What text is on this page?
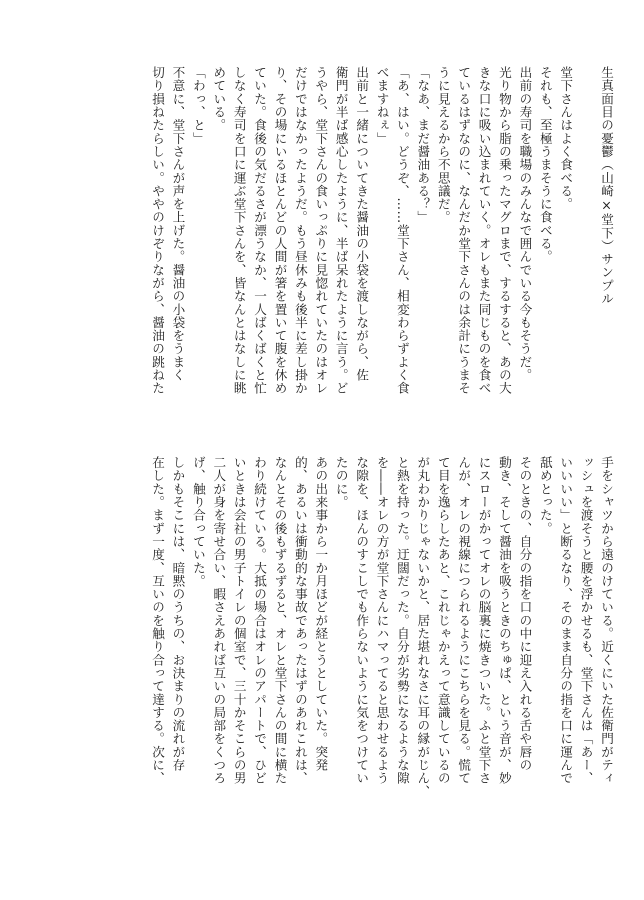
生真面目の憂鬱（山崎×堂下）サンプル

堂下さんはよく食べる。
それも、至極うまそうに食べる。
出前の寿司を職場のみんなで囲んでいる今もそうだ。
光り物から脂の乗ったマグロまで、するすると、あの大
きな口に吸い込まれていく。オレもまた同じものを食べ
ているはずなのに、なんだか堂下さんのは余計にうまそ
うに見えるから不思議だ。
「なあ、まだ醤油ある？」
「あ、はい。どうぞ、……堂下さん、相変わらずよく食
べますねぇ」
出前と一緒についてきた醤油の小袋を渡しながら、佐
衛門が半ば感心したように、半ば呆れたように言う。ど
うやら、堂下さんの食いっぷりに見惚れていたのはオレ
だけではなかったようだ。もう昼休みも後半に差し掛か
り、その場にいるほとんどの人間が箸を置いて腹を休め
ていた。食後の気だるさが漂うなか、一人ばくばくと忙
しなく寿司を口に運ぶ堂下さんを、皆なんとはなしに眺
めている。
「わっ、と」
不意に、堂下さんが声を上げた。醤油の小袋をうまく
切り損ねたらしい。ややのけぞりながら、醤油の跳ねた
手をシャツから遠のけている。近くにいた佐衛門がティ
ッシュを渡そうと腰を浮かせるも、堂下さんは「あー、
いいいい」と断るなり、そのまま自分の指を口に運んで
舐めとった。
そのときの、自分の指を口の中に迎え入れる舌や唇の
動き、そして醤油を吸うときのちゅぱ、という音が、妙
にスローがかってオレの脳裏に焼きついた。ふと堂下さ
んが、オレの視線につられるようにこちらを見る。慌て
て目を逸らしたあと、これじゃかえって意識しているの
が丸わかりじゃないかと、居た堪れなさに耳の縁がじん、
と熱を持った。迂闊だった。自分が劣勢になるような隙
を――オレの方が堂下さんにハマってると思わせるよう
な隙を、ほんのすこしでも作らないように気をつけてい
たのに。
あの出来事から一か月ほどが経とうとしていた。突発
的、あるいは衝動的な事故であったはずのあれこれは、
なんとその後もずるずると、オレと堂下さんの間に横た
わり続けている。大抵の場合はオレのアパートで、ひど
いときは会社の男子トイレの個室で、三十かそこらの男
二人が身を寄せ合い、暇さえあれば互いの局部をくつろ
げ、触り合っていた。
しかもそこには、暗黙のうちの、お決まりの流れが存
在した。まず一度、互いのを触り合って達する。次に、
